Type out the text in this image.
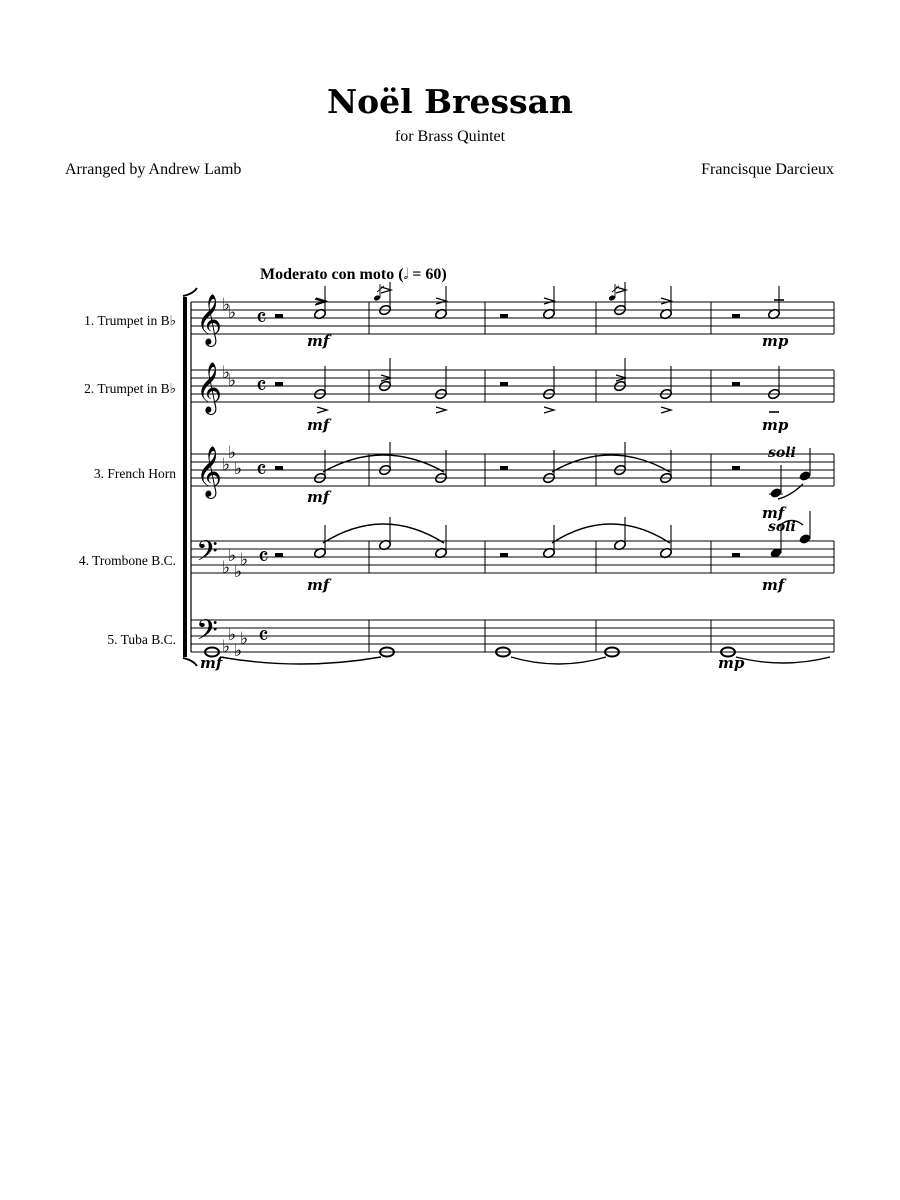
Noël Bressan
for Brass Quintet
Arranged by Andrew Lamb	Francisque Darcieux
Moderato con moto (𝅗𝅥 = 60)
1. Trumpet in B♭
2. Trumpet in B♭
3. French Horn
4. Trombone B.C.
5. Tuba B.C.
𝄞
𝄞
𝄞
𝄢
𝄢
♭
♭
♭
♭
♭
♭
♭
♭
♭
♭
♭
♭
♭
♭
♭
𝄴
𝄴
𝄴
𝄴
𝄴
mf	mp
mf	mp
mf
soli
mf
mf
soli
mf
mf	mp
